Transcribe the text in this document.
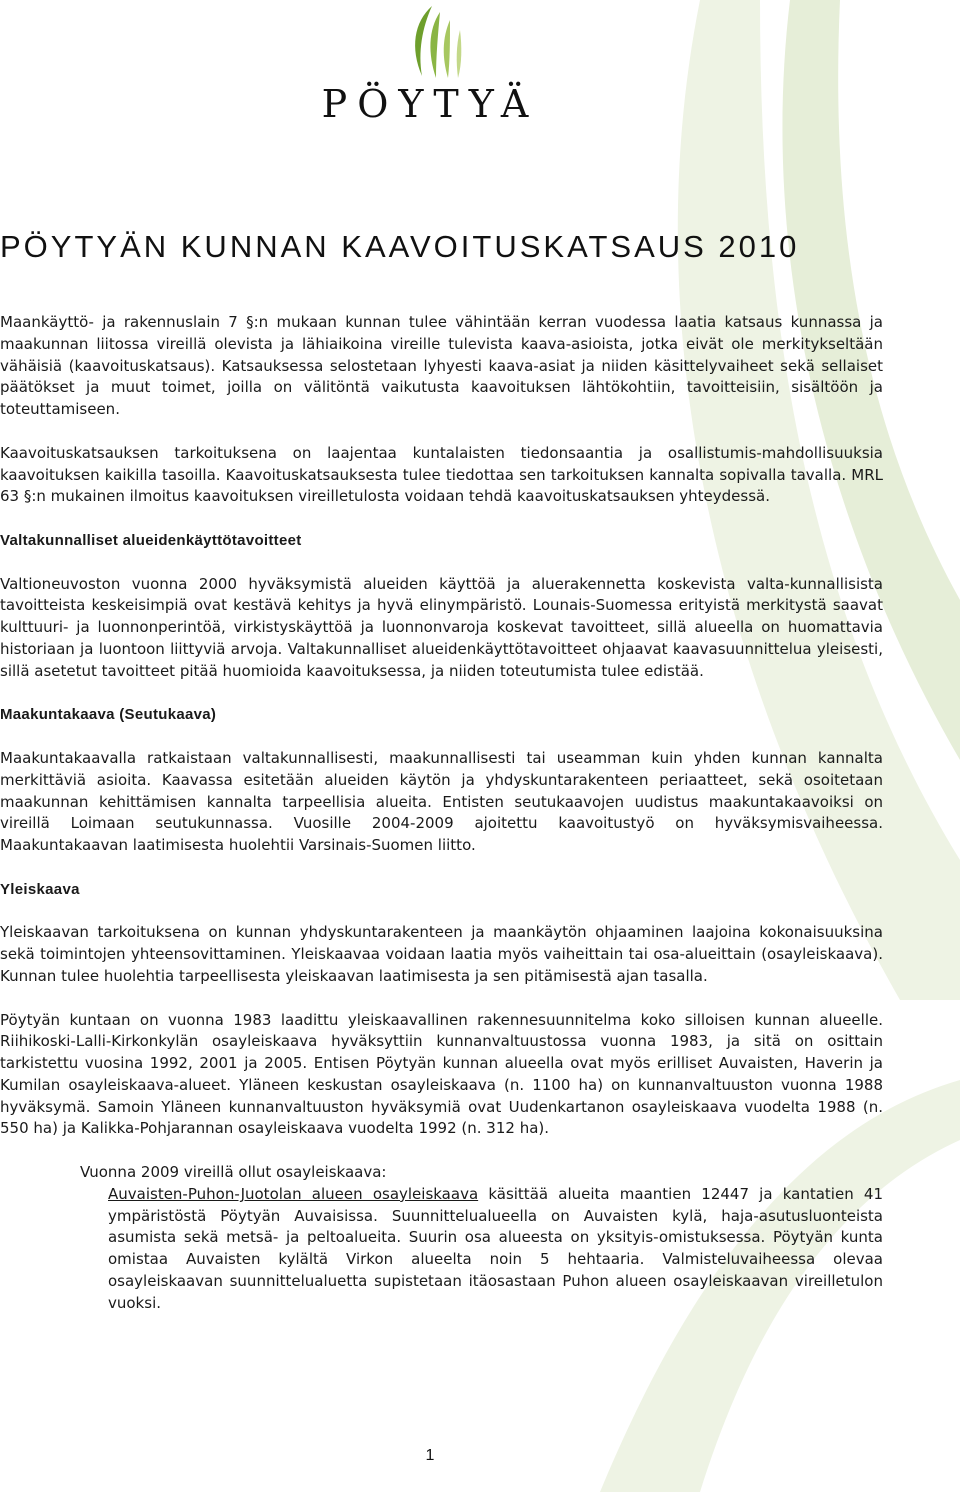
PÖYTYÄ
PÖYTYÄN KUNNAN KAAVOITUSKATSAUS 2010

Maankäyttö- ja rakennuslain 7 §:n mukaan kunnan tulee vähintään kerran vuodessa laatia katsaus kunnassa ja maakunnan liitossa vireillä olevista ja lähiaikoina vireille tulevista kaava-asioista, jotka eivät ole merkitykseltään vähäisiä (kaavoituskatsaus). Katsauksessa selostetaan lyhyesti kaava-asiat ja niiden käsittelyvaiheet sekä sellaiset päätökset ja muut toimet, joilla on välitöntä vaikutusta kaavoituksen lähtökohtiin, tavoitteisiin, sisältöön ja toteuttamiseen.

Kaavoituskatsauksen tarkoituksena on laajentaa kuntalaisten tiedonsaantia ja osallistumis-mahdollisuuksia kaavoituksen kaikilla tasoilla. Kaavoituskatsauksesta tulee tiedottaa sen tarkoituksen kannalta sopivalla tavalla. MRL 63 §:n mukainen ilmoitus kaavoituksen vireilletulosta voidaan tehdä kaavoituskatsauksen yhteydessä.

Valtakunnalliset alueidenkäyttötavoitteet

Valtioneuvoston vuonna 2000 hyväksymistä alueiden käyttöä ja aluerakennetta koskevista valta-kunnallisista tavoitteista keskeisimpiä ovat kestävä kehitys ja hyvä elinympäristö. Lounais-Suomessa erityistä merkitystä saavat kulttuuri- ja luonnonperintöä, virkistyskäyttöä ja luonnonvaroja koskevat tavoitteet, sillä alueella on huomattavia historiaan ja luontoon liittyviä arvoja. Valtakunnalliset alueidenkäyttötavoitteet ohjaavat kaavasuunnittelua yleisesti, sillä asetetut tavoitteet pitää huomioida kaavoituksessa, ja niiden toteutumista tulee edistää.

Maakuntakaava (Seutukaava)

Maakuntakaavalla ratkaistaan valtakunnallisesti, maakunnallisesti tai useamman kuin yhden kunnan kannalta merkittäviä asioita. Kaavassa esitetään alueiden käytön ja yhdyskuntarakenteen periaatteet, sekä osoitetaan maakunnan kehittämisen kannalta tarpeellisia alueita. Entisten seutukaavojen uudistus maakuntakaavoiksi on vireillä Loimaan seutukunnassa. Vuosille 2004-2009 ajoitettu kaavoitustyö on hyväksymisvaiheessa. Maakuntakaavan laatimisesta huolehtii Varsinais-Suomen liitto.

Yleiskaava

Yleiskaavan tarkoituksena on kunnan yhdyskuntarakenteen ja maankäytön ohjaaminen laajoina kokonaisuuksina sekä toimintojen yhteensovittaminen. Yleiskaavaa voidaan laatia myös vaiheittain tai osa-alueittain (osayleiskaava). Kunnan tulee huolehtia tarpeellisesta yleiskaavan laatimisesta ja sen pitämisestä ajan tasalla.

Pöytyän kuntaan on vuonna 1983 laadittu yleiskaavallinen rakennesuunnitelma koko silloisen kunnan alueelle. Riihikoski-Lalli-Kirkonkylän osayleiskaava hyväksyttiin kunnanvaltuustossa vuonna 1983, ja sitä on osittain tarkistettu vuosina 1992, 2001 ja 2005. Entisen Pöytyän kunnan alueella ovat myös erilliset Auvaisten, Haverin ja Kumilan osayleiskaava-alueet. Yläneen keskustan osayleiskaava (n. 1100 ha) on kunnanvaltuuston vuonna 1988 hyväksymä. Samoin Yläneen kunnanvaltuuston hyväksymiä ovat Uudenkartanon osayleiskaava vuodelta 1988 (n. 550 ha) ja Kalikka-Pohjarannan osayleiskaava vuodelta 1992 (n. 312 ha).

Vuonna 2009 vireillä ollut osayleiskaava:
Auvaisten-Puhon-Juotolan alueen osayleiskaava käsittää alueita maantien 12447 ja kantatien 41 ympäristöstä Pöytyän Auvaisissa. Suunnittelualueella on Auvaisten kylä, haja-asutusluonteista asumista sekä metsä- ja peltoalueita. Suurin osa alueesta on yksityis-omistuksessa. Pöytyän kunta omistaa Auvaisten kylältä Virkon alueelta noin 5 hehtaaria. Valmisteluvaiheessa olevaa osayleiskaavan suunnittelualuetta supistetaan itäosastaan Puhon alueen osayleiskaavan vireilletulon vuoksi.
1
